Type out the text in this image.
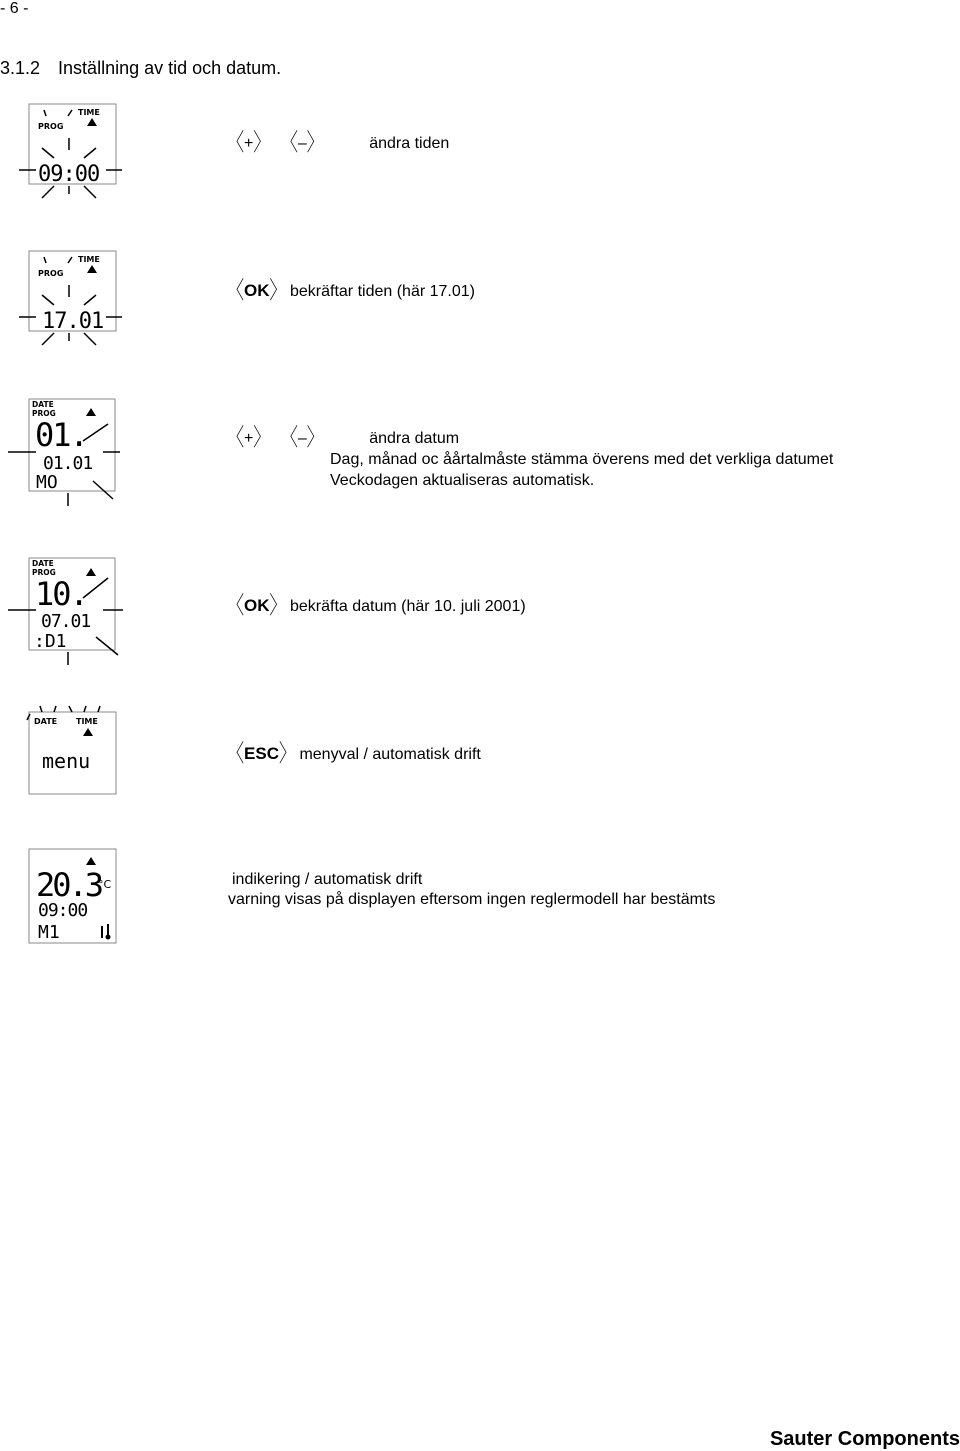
- 6 -
3.1.2 Inställning av tid och datum.
PROG
TIME
09:00
〈+〉 〈–〉	ändra tiden
PROG
TIME
17.01
〈OK〉 bekräftar tiden (här 17.01)
DATE
PROG
01.
01.01
MO
〈+〉 〈–〉	ändra datum
Dag, månad oc åårtalmåste stämma överens med det verkliga datumet
Veckodagen aktualiseras automatisk.
DATE
PROG
10.
07.01
:D1
〈OK〉 bekräfta datum (här 10. juli 2001)
DATE TIME
menu	〈ESC〉 menyval / automatisk drift
20.3
°C
09:00
M1
indikering / automatisk drift
varning visas på displayen eftersom ingen reglermodell har bestämts
Sauter Components
